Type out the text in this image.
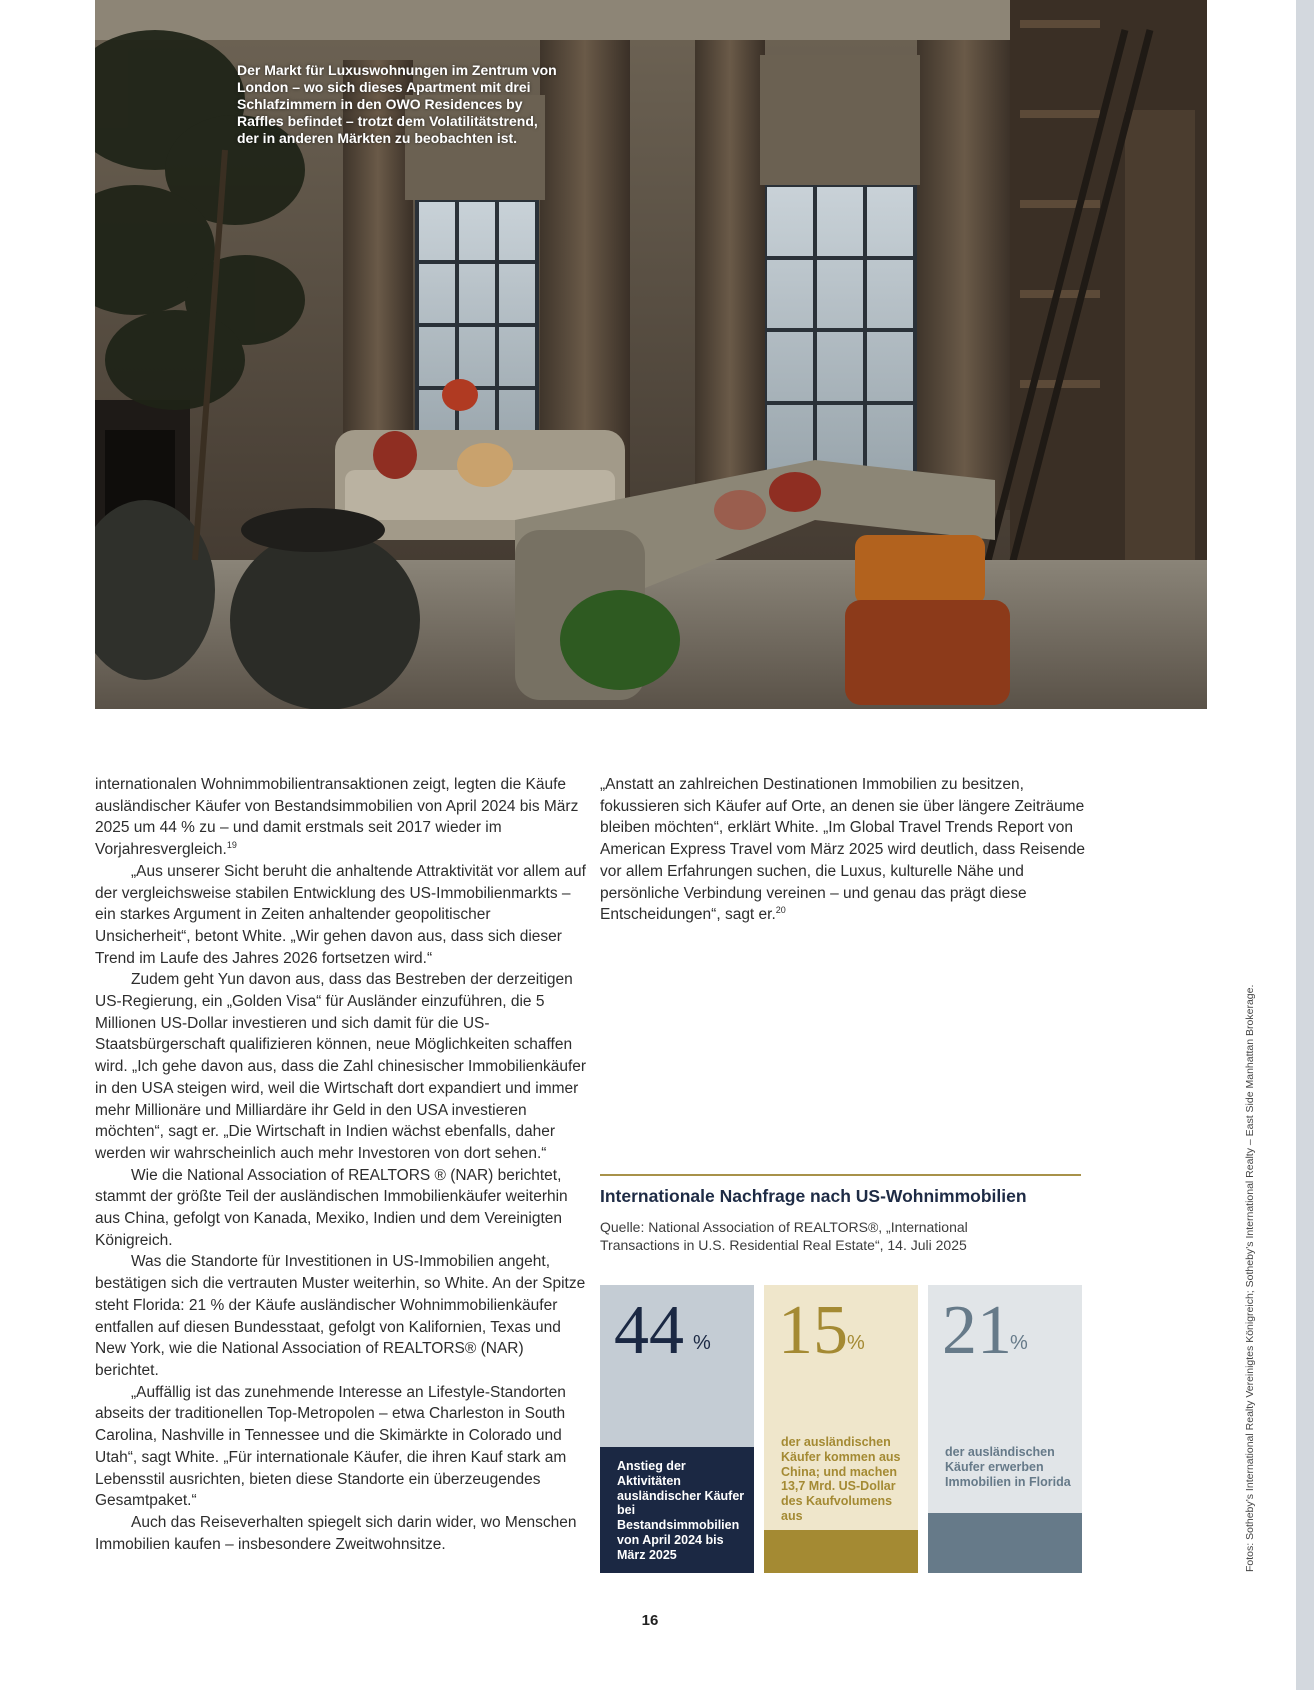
Der Markt für Luxuswohnungen im Zentrum von London – wo sich dieses Apartment mit drei Schlafzimmern in den OWO Residences by Raffles befindet – trotzt dem Volatilitätstrend, der in anderen Märkten zu beobachten ist.

internationalen Wohnimmobilientransaktionen zeigt, legten die Käufe ausländischer Käufer von Bestandsimmobilien von April 2024 bis März 2025 um 44 % zu – und damit erstmals seit 2017 wieder im Vorjahresvergleich.$^{19}$

„Aus unserer Sicht beruht die anhaltende Attraktivität vor allem auf der vergleichsweise stabilen Entwicklung des US-Immobilienmarkts – ein starkes Argument in Zeiten anhaltender geopolitischer Unsicherheit“, betont White. „Wir gehen davon aus, dass sich dieser Trend im Laufe des Jahres 2026 fortsetzen wird.“

Zudem geht Yun davon aus, dass das Bestreben der derzeitigen US-Regierung, ein „Golden Visa“ für Ausländer einzuführen, die 5 Millionen US-Dollar investieren und sich damit für die US-Staatsbürgerschaft qualifizieren können, neue Möglichkeiten schaffen wird. „Ich gehe davon aus, dass die Zahl chinesischer Immobilienkäufer in den USA steigen wird, weil die Wirtschaft dort expandiert und immer mehr Millionäre und Milliardäre ihr Geld in den USA investieren möchten“, sagt er. „Die Wirtschaft in Indien wächst ebenfalls, daher werden wir wahrscheinlich auch mehr Investoren von dort sehen.“

Wie die National Association of REALTORS ® (NAR) berichtet, stammt der größte Teil der ausländischen Immobilienkäufer weiterhin aus China, gefolgt von Kanada, Mexiko, Indien und dem Vereinigten Königreich.

Was die Standorte für Investitionen in US-Immobilien angeht, bestätigen sich die vertrauten Muster weiterhin, so White. An der Spitze steht Florida: 21 % der Käufe ausländischer Wohnimmobilienkäufer entfallen auf diesen Bundesstaat, gefolgt von Kalifornien, Texas und New York, wie die National Association of REALTORS® (NAR) berichtet.

„Auffällig ist das zunehmende Interesse an Lifestyle-Standorten abseits der traditionellen Top-Metropolen – etwa Charleston in South Carolina, Nashville in Tennessee und die Skimärkte in Colorado und Utah“, sagt White. „Für internationale Käufer, die ihren Kauf stark am Lebensstil ausrichten, bieten diese Standorte ein überzeugendes Gesamtpaket.“

Auch das Reiseverhalten spiegelt sich darin wider, wo Menschen Immobilien kaufen – insbesondere Zweitwohnsitze.

„Anstatt an zahlreichen Destinationen Immobilien zu besitzen, fokussieren sich Käufer auf Orte, an denen sie über längere Zeiträume bleiben möchten“, erklärt White. „Im Global Travel Trends Report von American Express Travel vom März 2025 wird deutlich, dass Reisende vor allem Erfahrungen suchen, die Luxus, kulturelle Nähe und persönliche Verbindung vereinen – und genau das prägt diese Entscheidungen“, sagt er.$^{20}$

Internationale Nachfrage nach US-Wohnimmobilien
Quelle: National Association of REALTORS®, „International Transactions in U.S. Residential Real Estate“, 14. Juli 2025
44 %
Anstieg der Aktivitäten ausländischer Käufer bei Bestandsimmobilien von April 2024 bis März 2025
15 %
der ausländischen Käufer kommen aus China; und machen 13,7 Mrd. US-Dollar des Kaufvolumens aus
21
%
der ausländischen Käufer erwerben Immobilien in Florida
16
Fotos: Sotheby’s International Realty Vereinigtes Königreich; Sotheby’s International Realty – East Side Manhattan Brokerage.
